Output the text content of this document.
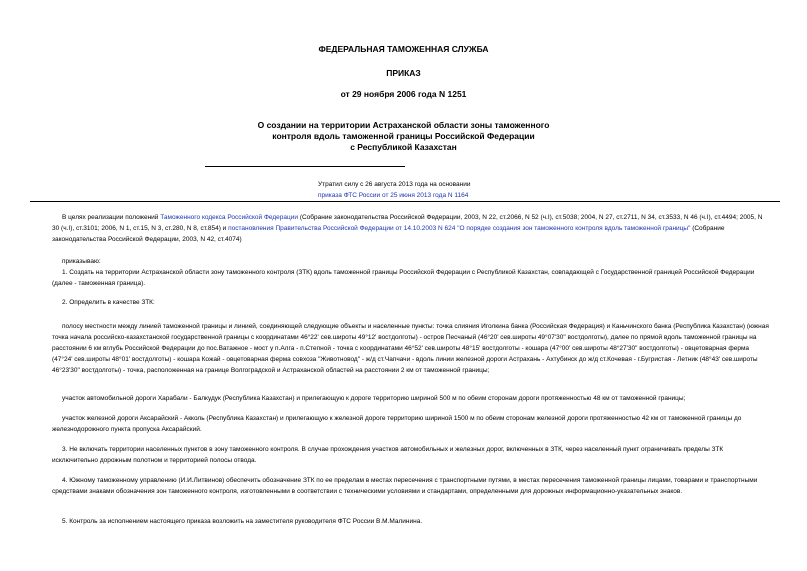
ФЕДЕРАЛЬНАЯ ТАМОЖЕННАЯ СЛУЖБА
ПРИКАЗ
от 29 ноября 2006 года N 1251
О создании на территории Астраханской области зоны таможенного
контроля вдоль таможенной границы Российской Федерации
с Республикой Казахстан
Утратил силу с 26 августа 2013 года на основании
приказа ФТС России от 25 июня 2013 года N 1164

В целях реализации положений Таможенного кодекса Российской Федерации (Собрание законодательства Российской Федерации, 2003, N 22, ст.2066, N 52 (ч.I), ст.5038; 2004, N 27, ст.2711, N 34, ст.3533, N 46 (ч.I), ст.4494; 2005, N 30 (ч.I), ст.3101; 2006, N 1, ст.15, N 3, ст.280, N 8, ст.854) и постановления Правительства Российской Федерации от 14.10.2003 N 624 "О порядке создания зон таможенного контроля вдоль таможенной границы" (Собрание законодательства Российской Федерации, 2003, N 42, ст.4074)

приказываю:

1. Создать на территории Астраханской области зону таможенного контроля (ЗТК) вдоль таможенной границы Российской Федерации с Республикой Казахстан, совпадающей с Государственной границей Российской Федерации (далее - таможенная граница).

2. Определить в качестве ЗТК:

полосу местности между линией таможенной границы и линией, соединяющей следующие объекты и населенные пункты: точка слияния Иголкина банка (Российская Федерация) и Каньчинского банка (Республика Казахстан) (южная точка начала российско-казахстанской государственной границы с координатами 46°22' сев.широты 49°12' востдолготы) - остров Песчаный (46°20' сев.широты 49°07'30" востдолготы), далее по прямой вдоль таможенной границы на расстоянии 6 км вглубь Российской Федерации до пос.Ватажное - мост у п.Алга - п.Степной - точка с координатами 46°52' сев.широты 48°15' востдолготы - кошара (47°00' сев.широты 48°27'30" востдолготы) - овцетоварная ферма (47°24' сев.широты 48°01' востдолготы) - кошара Кожай - овцетоварная ферма совхоза "Животновод" - ж/д ст.Чапчачи - вдоль линии железной дороги Астрахань - Ахтубинск до ж/д ст.Кочевая - г.Бугристая - Летник (48°43' сев.широты 46°23'30" востдолготы) - точка, расположенная на границе Волгоградской и Астраханской областей на расстоянии 2 км от таможенной границы;

участок автомобильной дороги Харабали - Балкудук (Республика Казахстан) и прилегающую к дороге территорию шириной 500 м по обеим сторонам дороги протяженностью 48 км от таможенной границы;

участок железной дороги Аксарайский - Акколь (Республика Казахстан) и прилегающую к железной дороге территорию шириной 1500 м по обеим сторонам железной дороги протяженностью 42 км от таможенной границы до железнодорожного пункта пропуска Аксарайский.

3. Не включать территории населенных пунктов в зону таможенного контроля. В случае прохождения участков автомобильных и железных дорог, включенных в ЗТК, через населенный пункт ограничивать пределы ЗТК исключительно дорожным полотном и территорией полосы отвода.

4. Южному таможенному управлению (И.И.Литвинов) обеспечить обозначение ЗТК по ее пределам в местах пересечения с транспортными путями, в местах пересечения таможенной границы лицами, товарами и транспортными средствами знаками обозначения зон таможенного контроля, изготовленными в соответствии с техническими условиями и стандартами, определенными для дорожных информационно-указательных знаков.

5. Контроль за исполнением настоящего приказа возложить на заместителя руководителя ФТС России В.М.Малинина.
